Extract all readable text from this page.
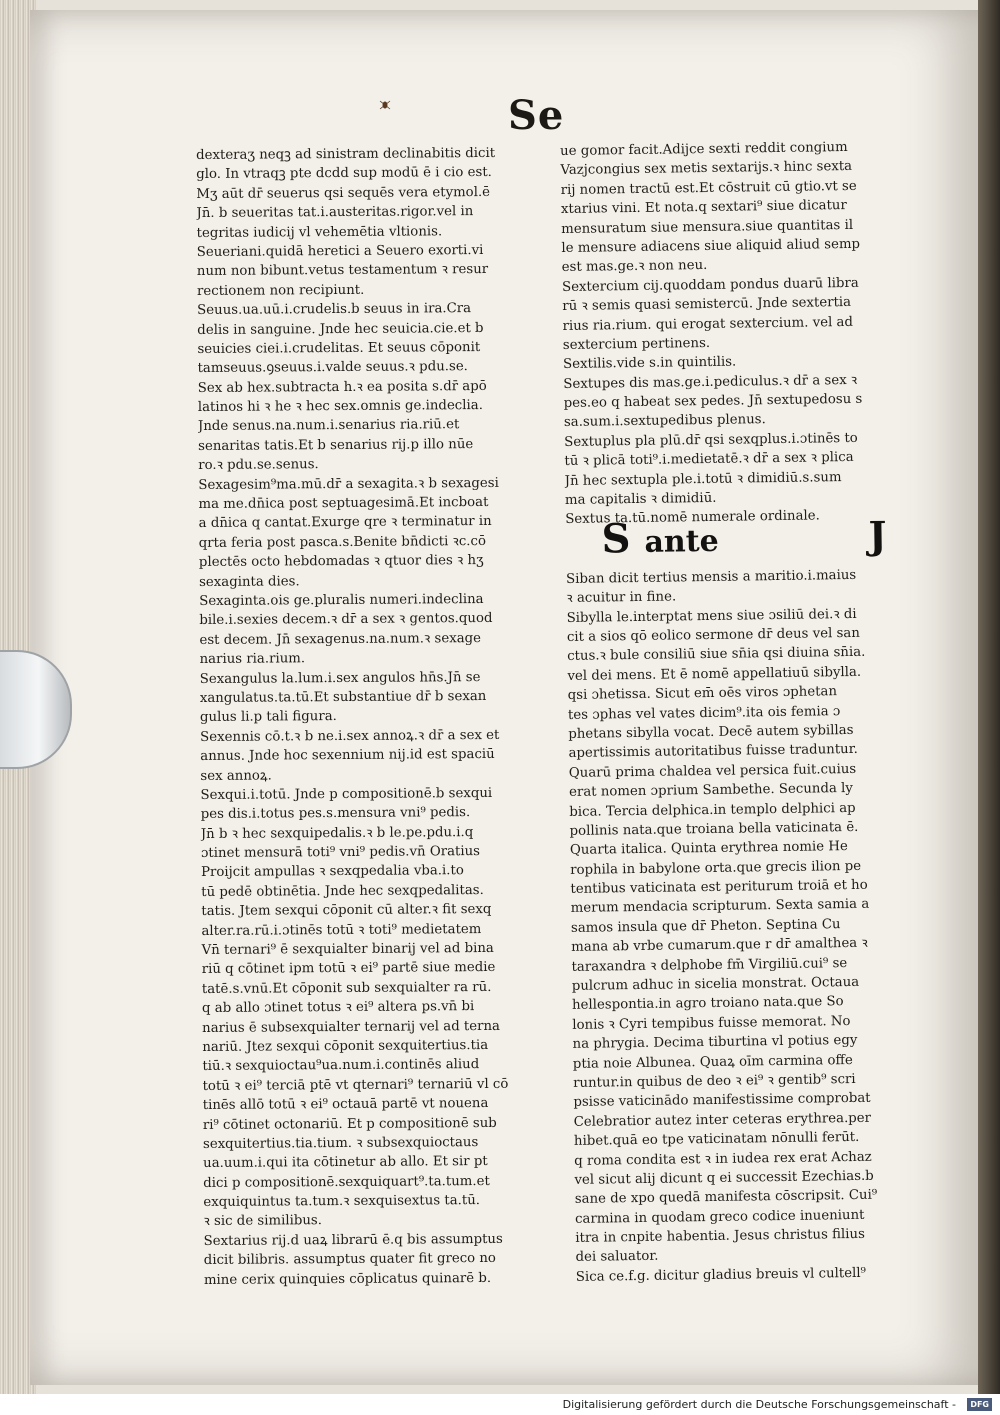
Se
dexteraʒ neqꝫ ad sinistram declinabitis dicit
glo. In vtraqꝫ pte dcdd sup modū ē i cio est.
Mʒ aūt dr̄ seuerus qsi sequēs vera etymol.ē
Jn̄. b seueritas tat.i.austeritas.rigor.vel in
tegritas iudicij vl vehemētia vltionis.
Seueriani.quidā heretici a Seuero exorti.vi
num non bibunt.vetus testamentum ꝛ resur
rectionem non recipiunt.
Seuus.ua.uū.i.crudelis.b seuus in ira.Cra
delis in sanguine. Jnde hec seuicia.cie.et b
seuicies ciei.i.crudelitas. Et seuus cōponit
tamseuus.ꝯseuus.i.valde seuus.ꝛ pdu.se.
Sex ab hex.subtracta h.ꝛ ea posita s.dr̄ apō
latinos hi ꝛ he ꝛ hec sex.omnis ge.indeclia.
Jnde senus.na.num.i.senarius ria.riū.et
senaritas tatis.Et b senarius rij.p illo nūe
ro.ꝛ pdu.se.senus.
Sexagesim⁹ma.mū.dr̄ a sexagita.ꝛ b sexagesi
ma me.dn̄ica post septuagesimā.Et incboat
a dn̄ica q cantat.Exurge qre ꝛ terminatur in
qrta feria post pasca.s.Benite bn̄dicti ꝛc.cō
plectēs octo hebdomadas ꝛ qtuor dies ꝛ hʒ
sexaginta dies.
Sexaginta.ois ge.pluralis numeri.indeclina
bile.i.sexies decem.ꝛ dr̄ a sex ꝛ gentos.quod
est decem. Jn̄ sexagenus.na.num.ꝛ sexage
narius ria.rium.
Sexangulus la.lum.i.sex angulos hn̄s.Jn̄ se
xangulatus.ta.tū.Et substantiue dr̄ b sexan
gulus li.p tali figura.
Sexennis cō.t.ꝛ b ne.i.sex annoꝝ.ꝛ dr̄ a sex et
annus. Jnde hoc sexennium nij.id est spaciū
sex annoꝝ.
Sexqui.i.totū. Jnde p compositionē.b sexqui
pes dis.i.totus pes.s.mensura vni⁹ pedis.
Jn̄ b ꝛ hec sexquipedalis.ꝛ b le.pe.pdu.i.q
ɔtinet mensurā toti⁹ vni⁹ pedis.vn̄ Oratius
Proijcit ampullas ꝛ sexqpedalia vba.i.to
tū pedē obtinētia. Jnde hec sexqpedalitas.
tatis. Jtem sexqui cōponit cū alter.ꝛ fit sexq
alter.ra.rū.i.ɔtinēs totū ꝛ toti⁹ medietatem
Vn̄ ternari⁹ ē sexquialter binarij vel ad bina
riū q cōtinet ipm totū ꝛ ei⁹ partē siue medie
tatē.s.vnū.Et cōponit sub sexquialter ra rū.
q ab allo ɔtinet totus ꝛ ei⁹ altera ps.vn̄ bi
narius ē subsexquialter ternarij vel ad terna
nariū. Jtez sexqui cōponit sexquitertius.tia
tiū.ꝛ sexquioctau⁹ua.num.i.continēs aliud
totū ꝛ ei⁹ terciā ptē vt qternari⁹ ternariū vl cō
tinēs allō totū ꝛ ei⁹ octauā partē vt nouena
ri⁹ cōtinet octonariū. Et p compositionē sub
sexquitertius.tia.tium. ꝛ subsexquioctaus
ua.uum.i.qui ita cōtinetur ab allo. Et sir pt
dici p compositionē.sexquiquart⁹.ta.tum.et
exquiquintus ta.tum.ꝛ sexquisextus ta.tū.
ꝛ sic de similibus.
Sextarius rij.d uaꝝ librarū ē.q bis assumptus
dicit bilibris. assumptus quater fit greco no
mine cerix quinquies cōplicatus quinarē b.
ue gomor facit.Adijce sexti reddit congium
Vazjcongius sex metis sextarijs.ꝛ hinc sexta
rij nomen tractū est.Et cōstruit cū gtio.vt se
xtarius vini. Et nota.q sextari⁹ siue dicatur
mensuratum siue mensura.siue quantitas il
le mensure adiacens siue aliquid aliud semp
est mas.ge.ꝛ non neu.
Sextercium cij.quoddam pondus duarū libra
rū ꝛ semis quasi semistercū. Jnde sextertia
rius ria.rium. qui erogat sextercium. vel ad
sextercium pertinens.
Sextilis.vide s.in quintilis.
Sextupes dis mas.ge.i.pediculus.ꝛ dr̄ a sex ꝛ
pes.eo q habeat sex pedes. Jn̄ sextupedosu s
sa.sum.i.sextupedibus plenus.
Sextuplus pla plū.dr̄ qsi sexqplus.i.ɔtinēs to
tū ꝛ plicā toti⁹.i.medietatē.ꝛ dr̄ a sex ꝛ plica
Jn̄ hec sextupla ple.i.totū ꝛ dimidiū.s.sum
ma capitalis ꝛ dimidiū.
Sextus ta.tū.nomē numerale ordinale.
S ante	J
Siban dicit tertius mensis a maritio.i.maius
ꝛ acuitur in fine.
Sibylla le.interptat mens siue ɔsiliū dei.ꝛ di
cit a sios qō eolico sermone dr̄ deus vel san
ctus.ꝛ bule consiliū siue sn̄ia qsi diuina sn̄ia.
vel dei mens. Et ē nomē appellatiuū sibylla.
qsi ɔhetissa. Sicut em̄ oēs viros ɔphetan
tes ɔphas vel vates dicim⁹.ita ois femia ɔ
phetans sibylla vocat. Decē autem sybillas
apertissimis autoritatibus fuisse traduntur.
Quarū prima chaldea vel persica fuit.cuius
erat nomen ɔprium Sambethe. Secunda ly
bica. Tercia delphica.in templo delphici ap
pollinis nata.que troiana bella vaticinata ē.
Quarta italica. Quinta erythrea nomie He
rophila in babylone orta.que grecis ilion pe
tentibus vaticinata est periturum troiā et ho
merum mendacia scripturum. Sexta samia a
samos insula que dr̄ Pheton. Septina Cu
mana ab vrbe cumarum.que r dr̄ amalthea ꝛ
taraxandra ꝛ delphobe fm̄ Virgiliū.cui⁹ se
pulcrum adhuc in sicelia monstrat. Octaua
hellespontia.in agro troiano nata.que So
lonis ꝛ Cyri tempibus fuisse memorat. No
na phrygia. Decima tiburtina vl potius egy
ptia noie Albunea. Quaꝝ oīm carmina offe
runtur.in quibus de deo ꝛ ei⁹ ꝛ gentib⁹ scri
psisse vaticinādo manifestissime comprobat
Celebratior autez inter ceteras erythrea.per
hibet.quā eo tpe vaticinatam nōnulli ferūt.
q roma condita est ꝛ in iudea rex erat Achaz
vel sicut alij dicunt q ei successit Ezechias.b
sane de xpo quedā manifesta cōscripsit. Cui⁹
carmina in quodam greco codice inueniunt
itra in cnpite habentia. Jesus christus filius
dei saluator.
Sica ce.f.g. dicitur gladius breuis vl cultell⁹
Digitalisierung gefördert durch die Deutsche Forschungsgemeinschaft -	DFG
